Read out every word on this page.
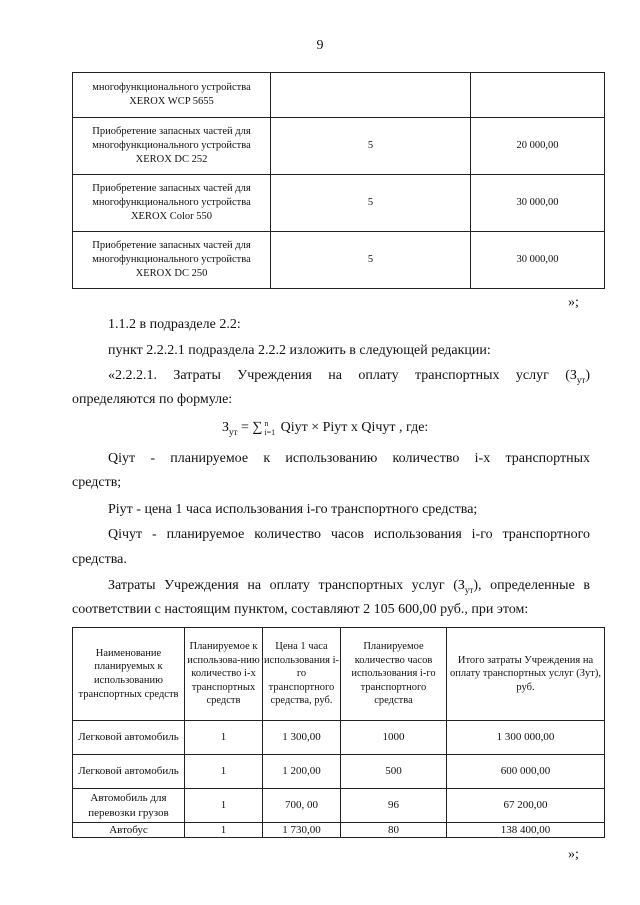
9
многофункционального устройства
XEROX WCP 5655		

Приобретение запасных частей для
многофункционального устройства
XEROX DC 252	5	20 000,00

Приобретение запасных частей для
многофункционального устройства
XEROX Color 550	5	30 000,00

Приобретение запасных частей для
многофункционального устройства
XEROX DC 250	5	30 000,00
»;
1.1.2 в подразделе 2.2:
пункт 2.2.2.1 подраздела 2.2.2 изложить в следующей редакции:
«2.2.2.1. Затраты Учреждения на оплату транспортных услуг $(З_{ут})$
определяются по формуле:
$З_{ут}$ = ∑ n
i=1 Qiут × Piут x Qiчут , где:
Qiут - планируемое к использованию количество i-х транспортных
средств;
Piут - цена 1 часа использования i-го транспортного средства;
Qiчут - планируемое количество часов использования i-го транспортного
средства.
Затраты Учреждения на оплату транспортных услуг $(З_{ут})$, определенные в
соответствии с настоящим пунктом, составляют 2 105 600,00 руб., при этом:
Наименование планируемых к использованию транспортных средств	Планируемое к использова-нию количество i-х транспортных средств	Цена 1 часа использования i-го транспортного средства, руб.	Планируемое количество часов использования i-го транспортного средства	Итого затраты Учреждения на оплату транспортных услуг (Зут), руб.
Легковой автомобиль	1	1 300,00	1000	1 300 000,00
Легковой автомобиль	1	1 200,00	500	600 000,00
Автомобиль для перевозки грузов	1	700, 00	96	67 200,00
Автобус	1	1 730,00	80	138 400,00
»;
